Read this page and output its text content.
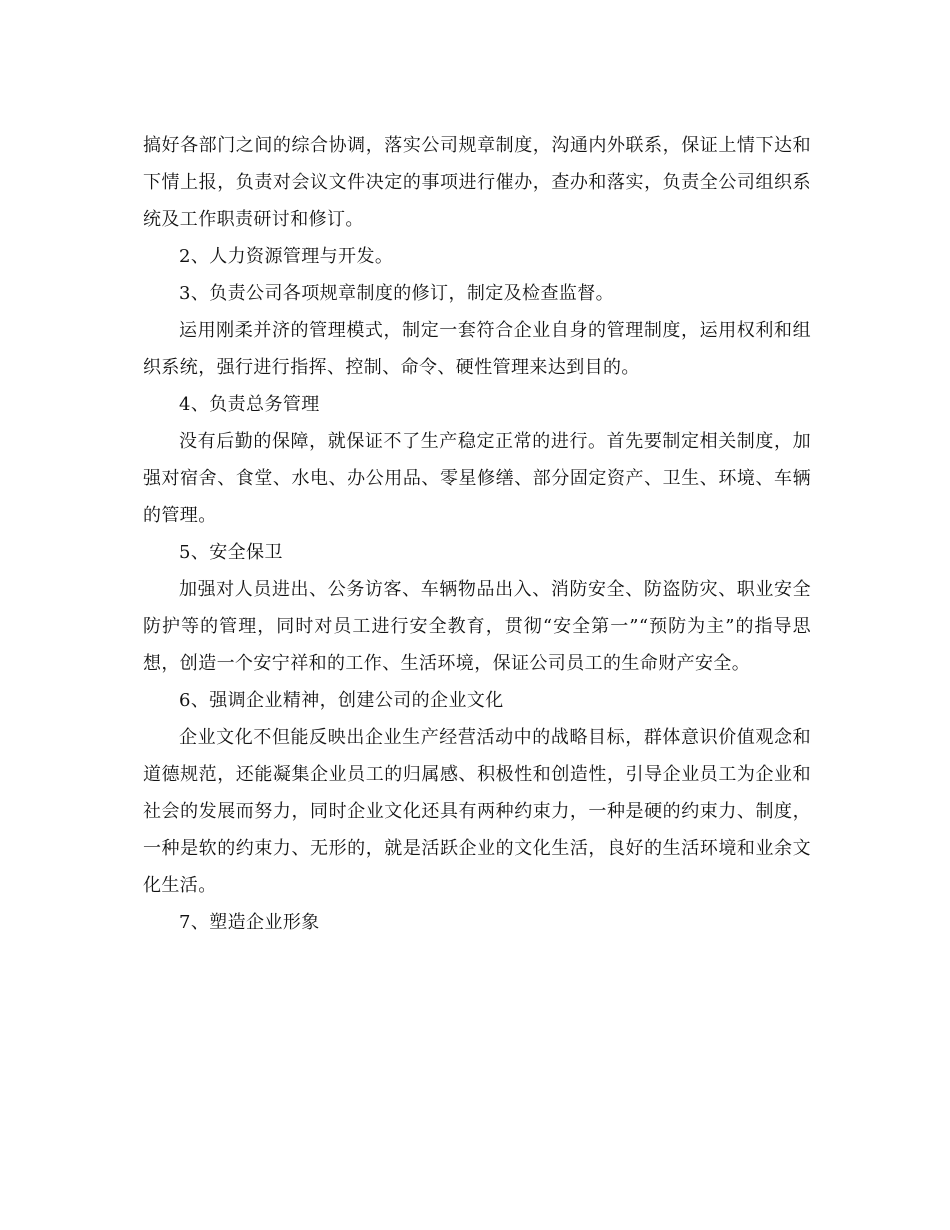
搞好各部门之间的综合协调，落实公司规章制度，沟通内外联系，保证上情下达和下情上报，负责对会议文件决定的事项进行催办，查办和落实，负责全公司组织系统及工作职责研讨和修订。

2、人力资源管理与开发。

3、负责公司各项规章制度的修订，制定及检查监督。

运用刚柔并济的管理模式，制定一套符合企业自身的管理制度，运用权利和组织系统，强行进行指挥、控制、命令、硬性管理来达到目的。

4、负责总务管理

没有后勤的保障，就保证不了生产稳定正常的进行。首先要制定相关制度，加强对宿舍、食堂、水电、办公用品、零星修缮、部分固定资产、卫生、环境、车辆的管理。

5、安全保卫

加强对人员进出、公务访客、车辆物品出入、消防安全、防盗防灾、职业安全防护等的管理，同时对员工进行安全教育，贯彻“安全第一”“预防为主”的指导思想，创造一个安宁祥和的工作、生活环境，保证公司员工的生命财产安全。

6、强调企业精神，创建公司的企业文化

企业文化不但能反映出企业生产经营活动中的战略目标，群体意识价值观念和道德规范，还能凝集企业员工的归属感、积极性和创造性，引导企业员工为企业和社会的发展而努力，同时企业文化还具有两种约束力，一种是硬的约束力、制度，一种是软的约束力、无形的，就是活跃企业的文化生活，良好的生活环境和业余文化生活。

7、塑造企业形象
